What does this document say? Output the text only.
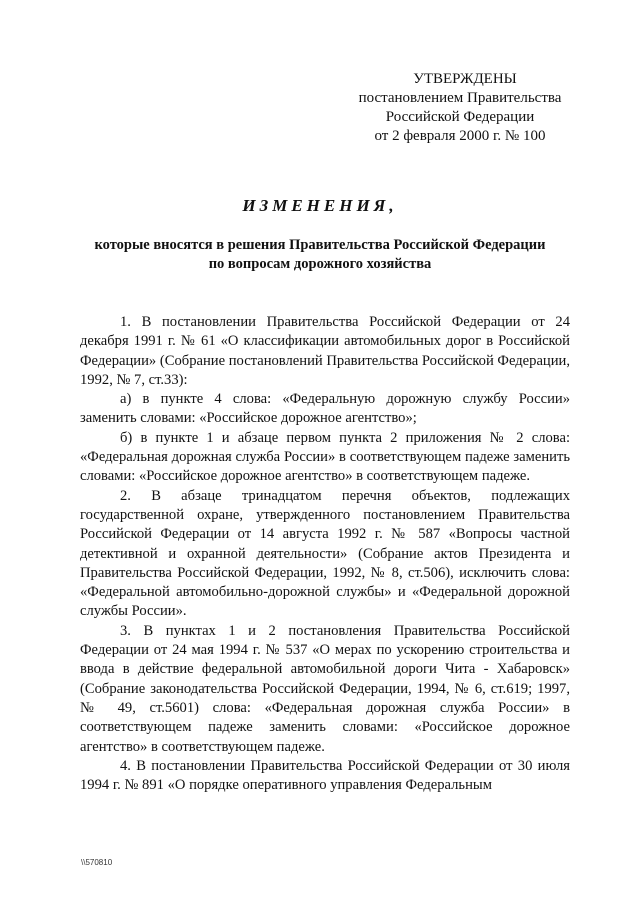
УТВЕРЖДЕНЫ
постановлением Правительства
Российской Федерации
от 2 февраля 2000 г. № 100
ИЗМЕНЕНИЯ,
которые вносятся в решения Правительства Российской Федерации
по вопросам дорожного хозяйства

1. В постановлении Правительства Российской Федерации от 24 декабря 1991 г. № 61 «О классификации автомобильных дорог в Российской Федерации» (Собрание постановлений Правительства Российской Федерации, 1992, № 7, ст.33):

а) в пункте 4 слова: «Федеральную дорожную службу России» заменить словами: «Российское дорожное агентство»;

б) в пункте 1 и абзаце первом пункта 2 приложения № 2 слова: «Федеральная дорожная служба России» в соответствующем падеже заменить словами: «Российское дорожное агентство» в соответствующем падеже.

2. В абзаце тринадцатом перечня объектов, подлежащих государственной охране, утвержденного постановлением Правительства Российской Федерации от 14 августа 1992 г. № 587 «Вопросы частной детективной и охранной деятельности» (Собрание актов Президента и Правительства Российской Федерации, 1992, № 8, ст.506), исключить слова: «Федеральной автомобильно-дорожной службы» и «Федеральной дорожной службы России».

3. В пунктах 1 и 2 постановления Правительства Российской Федерации от 24 мая 1994 г. № 537 «О мерах по ускорению строительства и ввода в действие федеральной автомобильной дороги Чита - Хабаровск» (Собрание законодательства Российской Федерации, 1994, № 6, ст.619; 1997, № 49, ст.5601) слова: «Федеральная дорожная служба России» в соответствующем падеже заменить словами: «Российское дорожное агентство» в соответствующем падеже.

4. В постановлении Правительства Российской Федерации от 30 июля 1994 г. № 891 «О порядке оперативного управления Федеральным

\\570810
